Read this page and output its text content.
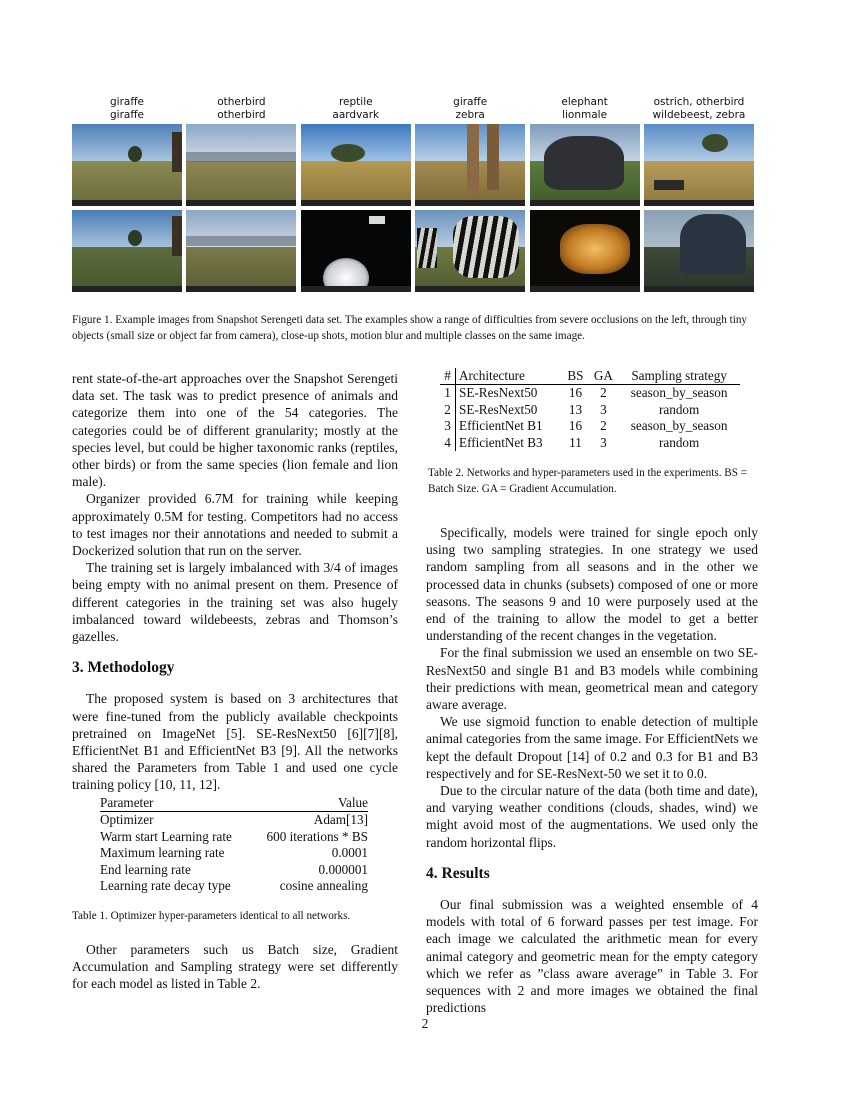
giraffe
giraffe
otherbird
otherbird
reptile
aardvark
giraffe
zebra
elephant
lionmale
ostrich, otherbird
wildebeest, zebra
Figure 1. Example images from Snapshot Serengeti data set. The examples show a range of difficulties from severe occlusions on the left, through tiny objects (small size or object far from camera), close-up shots, motion blur and multiple classes on the same image.

rent state-of-the-art approaches over the Snapshot Serengeti data set. The task was to predict presence of animals and categorize them into one of the 54 categories. The categories could be of different granularity; mostly at the species level, but could be higher taxonomic ranks (reptiles, other birds) or from the same species (lion female and lion male).

Organizer provided 6.7M for training while keeping approximately 0.5M for testing. Competitors had no access to test images nor their annotations and needed to submit a Dockerized solution that run on the server.

The training set is largely imbalanced with 3/4 of images being empty with no animal present on them. Presence of different categories in the training set was also hugely imbalanced toward wildebeests, zebras and Thomson’s gazelles.

3. Methodology

The proposed system is based on 3 architectures that were fine-tuned from the publicly available checkpoints pretrained on ImageNet [5]. SE-ResNext50 [6][7][8], EfficientNet B1 and EfficientNet B3 [9]. All the networks shared the Parameters from Table 1 and used one cycle training policy [10, 11, 12].

Parameter	Value
Optimizer	Adam[13]
Warm start Learning rate	600 iterations * BS
Maximum learning rate	0.0001
End learning rate	0.000001
Learning rate decay type	cosine annealing
Table 1. Optimizer hyper-parameters identical to all networks.

Other parameters such us Batch size, Gradient Accumulation and Sampling strategy were set differently for each model as listed in Table 2.

#	Architecture	BS	GA	Sampling strategy
1	SE-ResNext50	16	2	season_by_season
2	SE-ResNext50	13	3	random
3	EfficientNet B1	16	2	season_by_season
4	EfficientNet B3	11	3	random
Table 2. Networks and hyper-parameters used in the experiments. BS = Batch Size. GA = Gradient Accumulation.

Specifically, models were trained for single epoch only using two sampling strategies. In one strategy we used random sampling from all seasons and in the other we processed data in chunks (subsets) composed of one or more seasons. The seasons 9 and 10 were purposely used at the end of the training to allow the model to get a better understanding of the recent changes in the vegetation.

For the final submission we used an ensemble on two SE-ResNext50 and single B1 and B3 models while combining their predictions with mean, geometrical mean and category aware average.

We use sigmoid function to enable detection of multiple animal categories from the same image. For EfficientNets we kept the default Dropout [14] of 0.2 and 0.3 for B1 and B3 respectively and for SE-ResNext-50 we set it to 0.0.

Due to the circular nature of the data (both time and date), and varying weather conditions (clouds, shades, wind) we might avoid most of the augmentations. We used only the random horizontal flips.

4. Results

Our final submission was a weighted ensemble of 4 models with total of 6 forward passes per test image. For each image we calculated the arithmetic mean for every animal category and geometric mean for the empty category which we refer as ”class aware average” in Table 3. For sequences with 2 and more images we obtained the final predictions

2
